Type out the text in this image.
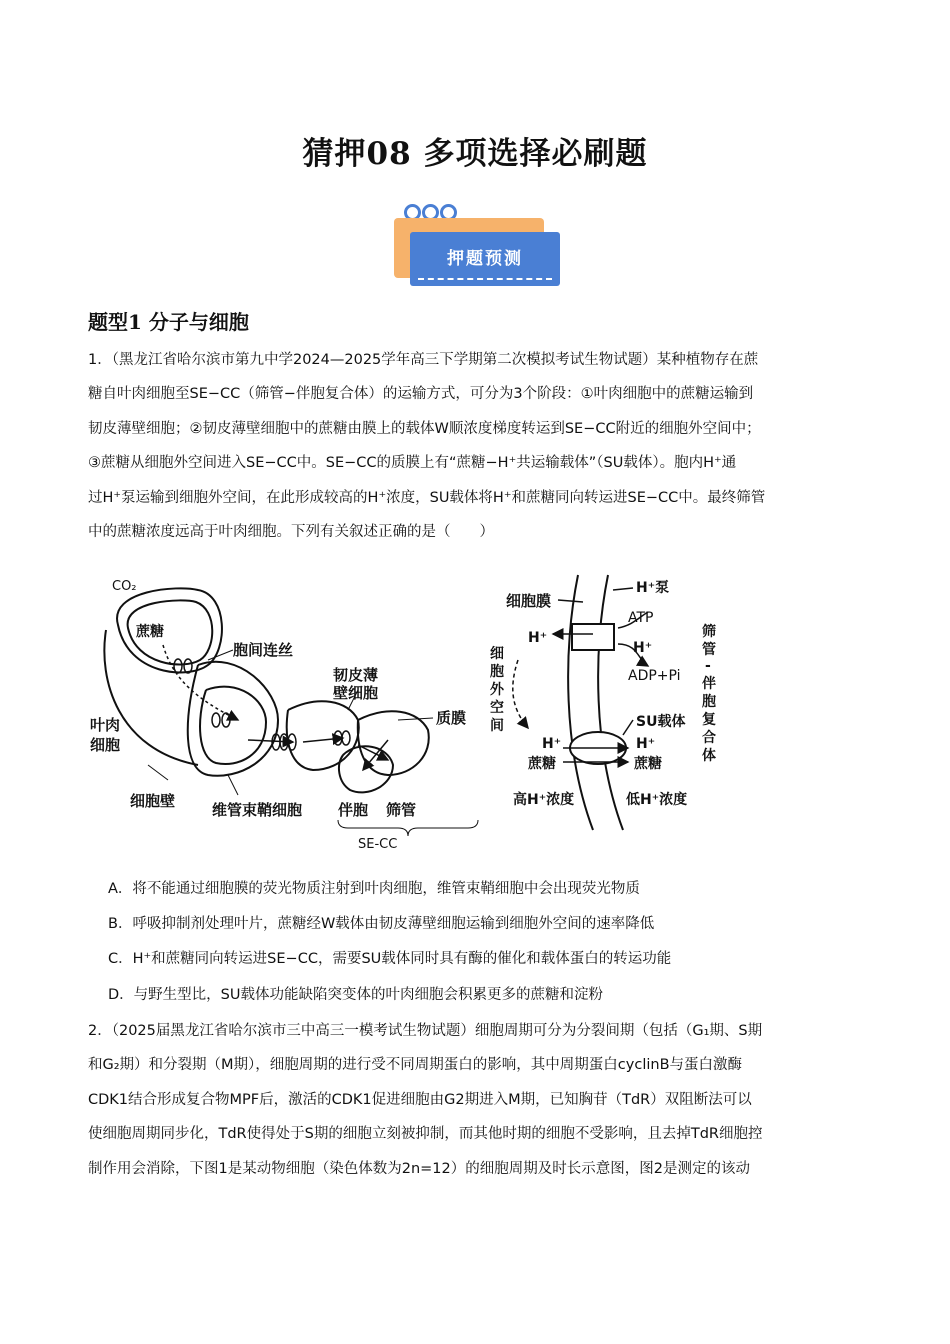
猜押08 多项选择必刷题
押题预测
题型1 分子与细胞

1．（黑龙江省哈尔滨市第九中学2024—2025学年高三下学期第二次模拟考试生物试题）某种植物存在蔗

糖自叶肉细胞至SE−CC（筛管−伴胞复合体）的运输方式，可分为3个阶段：①叶肉细胞中的蔗糖运输到

韧皮薄壁细胞；②韧皮薄壁细胞中的蔗糖由膜上的载体W顺浓度梯度转运到SE−CC附近的细胞外空间中；

③蔗糖从细胞外空间进入SE−CC中。SE−CC的质膜上有“蔗糖−H⁺共运输载体”（SU载体）。胞内H⁺通

过H⁺泵运输到细胞外空间，在此形成较高的H⁺浓度，SU载体将H⁺和蔗糖同向转运进SE−CC中。最终筛管

中的蔗糖浓度远高于叶肉细胞。下列有关叙述正确的是（　　）

CO₂
蔗糖
胞间连丝
韧皮薄
壁细胞
质膜
叶肉
细胞
细胞壁 维管束鞘细胞 伴胞 筛管
SE-CC
细胞膜
H⁺泵
ATP
H⁺
H⁺
ADP+Pi
SU载体
H⁺	H⁺
蔗糖	蔗糖
细
胞
外
空
间
筛
管
-
伴
胞
复
合
体
高H⁺浓度	低H⁺浓度

A．将不能通过细胞膜的荧光物质注射到叶肉细胞，维管束鞘细胞中会出现荧光物质

B．呼吸抑制剂处理叶片，蔗糖经W载体由韧皮薄壁细胞运输到细胞外空间的速率降低

C．H⁺和蔗糖同向转运进SE−CC，需要SU载体同时具有酶的催化和载体蛋白的转运功能

D．与野生型比，SU载体功能缺陷突变体的叶肉细胞会积累更多的蔗糖和淀粉

2．（2025届黑龙江省哈尔滨市三中高三一模考试生物试题）细胞周期可分为分裂间期（包括（G₁期、S期

和G₂期）和分裂期（M期），细胞周期的进行受不同周期蛋白的影响，其中周期蛋白cyclinB与蛋白激酶

CDK1结合形成复合物MPF后，激活的CDK1促进细胞由G2期进入M期，已知胸苷（TdR）双阻断法可以

使细胞周期同步化，TdR使得处于S期的细胞立刻被抑制，而其他时期的细胞不受影响，且去掉TdR细胞控

制作用会消除，下图1是某动物细胞（染色体数为2n=12）的细胞周期及时长示意图，图2是测定的该动
